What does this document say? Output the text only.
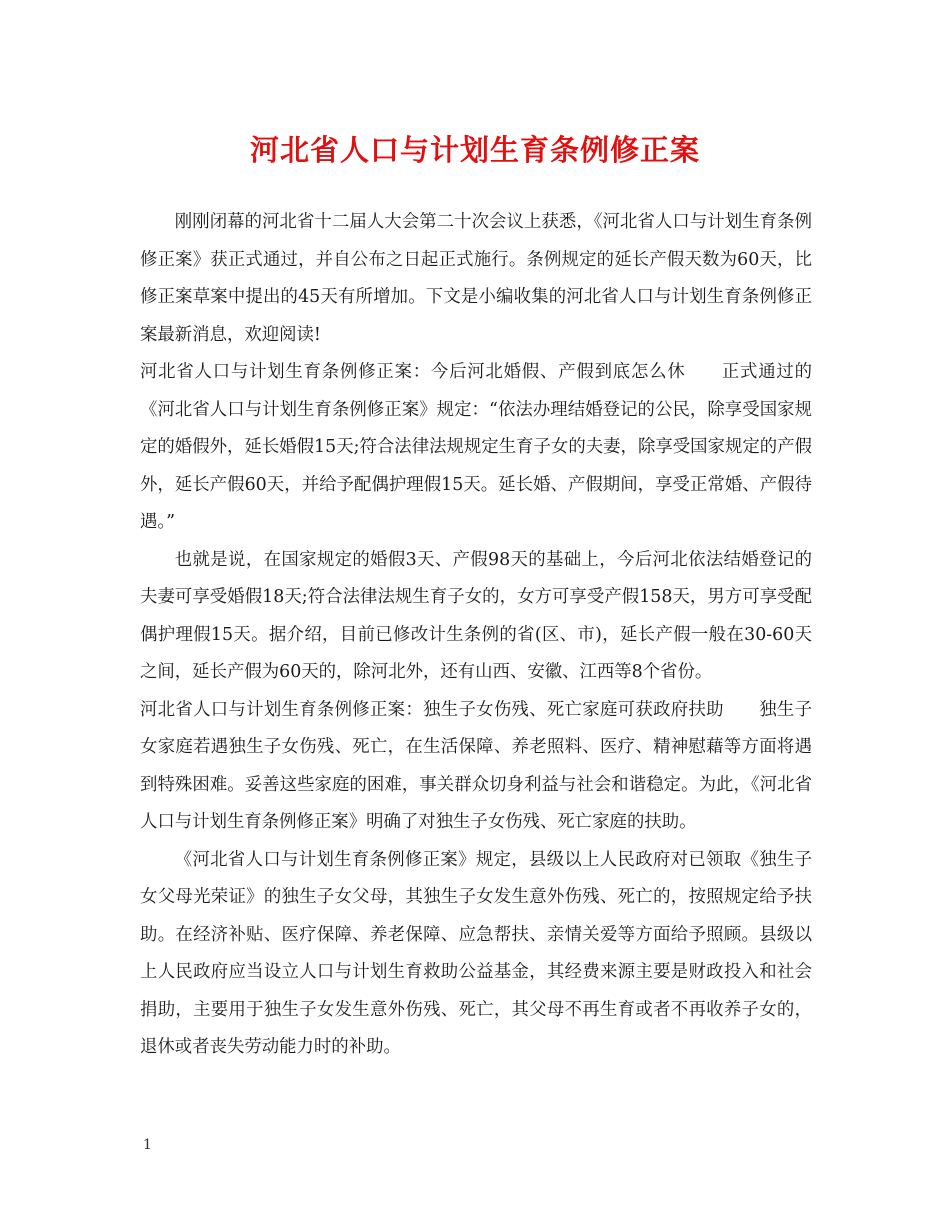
河北省人口与计划生育条例修正案

刚刚闭幕的河北省十二届人大会第二十次会议上获悉，《河北省人口与计划生育条例修正案》获正式通过，并自公布之日起正式施行。条例规定的延长产假天数为60天，比修正案草案中提出的45天有所增加。下文是小编收集的河北省人口与计划生育条例修正案最新消息，欢迎阅读!

河北省人口与计划生育条例修正案：今后河北婚假、产假到底怎么休　　正式通过的《河北省人口与计划生育条例修正案》规定：“依法办理结婚登记的公民，除享受国家规定的婚假外，延长婚假15天;符合法律法规规定生育子女的夫妻，除享受国家规定的产假外，延长产假60天，并给予配偶护理假15天。延长婚、产假期间，享受正常婚、产假待遇。”

也就是说，在国家规定的婚假3天、产假98天的基础上，今后河北依法结婚登记的夫妻可享受婚假18天;符合法律法规生育子女的，女方可享受产假158天，男方可享受配偶护理假15天。据介绍，目前已修改计生条例的省(区、市)，延长产假一般在30-60天之间，延长产假为60天的，除河北外，还有山西、安徽、江西等8个省份。

河北省人口与计划生育条例修正案：独生子女伤残、死亡家庭可获政府扶助　　独生子女家庭若遇独生子女伤残、死亡，在生活保障、养老照料、医疗、精神慰藉等方面将遇到特殊困难。妥善这些家庭的困难，事关群众切身利益与社会和谐稳定。为此，《河北省人口与计划生育条例修正案》明确了对独生子女伤残、死亡家庭的扶助。

《河北省人口与计划生育条例修正案》规定，县级以上人民政府对已领取《独生子女父母光荣证》的独生子女父母，其独生子女发生意外伤残、死亡的，按照规定给予扶助。在经济补贴、医疗保障、养老保障、应急帮扶、亲情关爱等方面给予照顾。县级以上人民政府应当设立人口与计划生育救助公益基金，其经费来源主要是财政投入和社会捐助，主要用于独生子女发生意外伤残、死亡，其父母不再生育或者不再收养子女的，退休或者丧失劳动能力时的补助。

1
